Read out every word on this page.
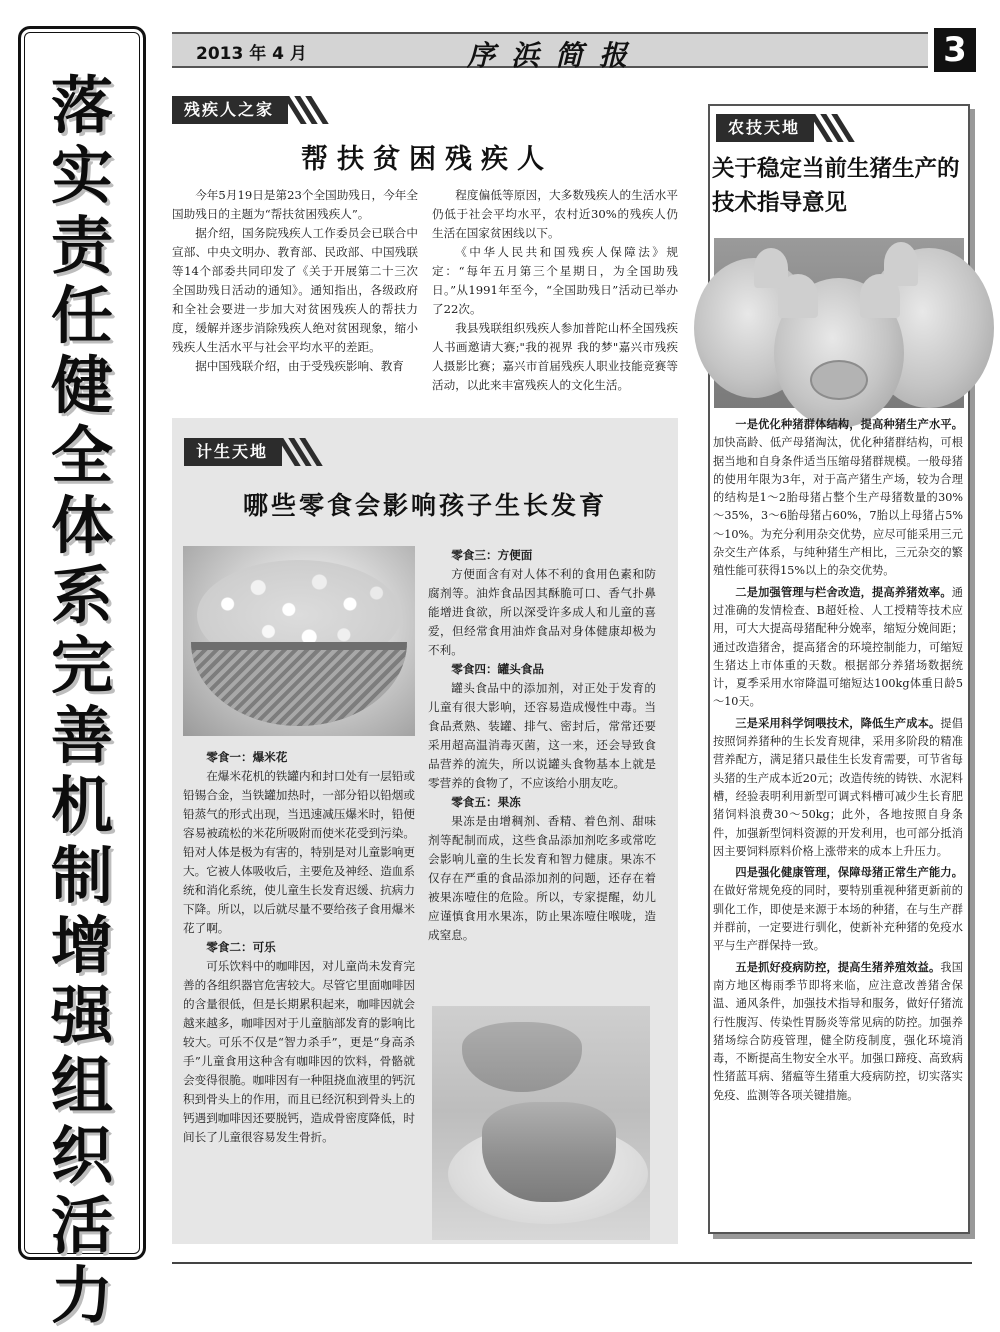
落
实
责
任
健
全
体
系
完
善
机
制
增
强
组
织
活
力
2013 年 4 月	序浜简报	3
残疾人之家
帮扶贫困残疾人

今年5月19日是第23个全国助残日，今年全国助残日的主题为“帮扶贫困残疾人”。

据介绍，国务院残疾人工作委员会已联合中宣部、中央文明办、教育部、民政部、中国残联等14个部委共同印发了《关于开展第二十三次全国助残日活动的通知》。通知指出，各级政府和全社会要进一步加大对贫困残疾人的帮扶力度，缓解并逐步消除残疾人绝对贫困现象，缩小残疾人生活水平与社会平均水平的差距。

据中国残联介绍，由于受残疾影响、教育

程度偏低等原因，大多数残疾人的生活水平仍低于社会平均水平，农村近30%的残疾人仍生活在国家贫困线以下。

《中华人民共和国残疾人保障法》规定：“每年五月第三个星期日，为全国助残日。”从1991年至今，“全国助残日”活动已举办了22次。

我县残联组织残疾人参加普陀山杯全国残疾人书画邀请大赛;"我的视界 我的梦"嘉兴市残疾人摄影比赛；嘉兴市首届残疾人职业技能竞赛等活动，以此来丰富残疾人的文化生活。

计生天地
哪些零食会影响孩子生长发育

零食一：爆米花

在爆米花机的铁罐内和封口处有一层铅或铅锡合金，当铁罐加热时，一部分铅以铅烟或铅蒸气的形式出现，当迅速减压爆米时，铅便容易被疏松的米花所吸附而使米花受到污染。铅对人体是极为有害的，特别是对儿童影响更大。它被人体吸收后，主要危及神经、造血系统和消化系统，使儿童生长发育迟缓、抗病力下降。所以，以后就尽量不要给孩子食用爆米花了啊。

零食二：可乐

可乐饮料中的咖啡因，对儿童尚未发育完善的各组织器官危害较大。尽管它里面咖啡因的含量很低，但是长期累积起来，咖啡因就会越来越多，咖啡因对于儿童脑部发育的影响比较大。可乐不仅是“智力杀手”，更是“身高杀手”儿童食用这种含有咖啡因的饮料，骨骼就会变得很脆。咖啡因有一种阻挠血液里的钙沉积到骨头上的作用，而且已经沉积到骨头上的钙遇到咖啡因还要脱钙，造成骨密度降低，时间长了儿童很容易发生骨折。

零食三：方便面

方便面含有对人体不利的食用色素和防腐剂等。油炸食品因其酥脆可口、香气扑鼻能增进食欲，所以深受许多成人和儿童的喜爱，但经常食用油炸食品对身体健康却极为不利。

零食四：罐头食品

罐头食品中的添加剂，对正处于发育的儿童有很大影响，还容易造成慢性中毒。当食品煮熟、装罐、排气、密封后，常常还要采用超高温消毒灭菌，这一来，还会导致食品营养的流失，所以说罐头食物基本上就是零营养的食物了，不应该给小朋友吃。

零食五：果冻

果冻是由增稠剂、香精、着色剂、甜味剂等配制而成，这些食品添加剂吃多或常吃会影响儿童的生长发育和智力健康。果冻不仅存在严重的食品添加剂的问题，还存在着被果冻噎住的危险。所以，专家提醒，幼儿应谨慎食用水果冻，防止果冻噎住喉咙，造成窒息。

农技天地
关于稳定当前生猪生产的技术指导意见

一是优化种猪群体结构，提高种猪生产水平。加快高龄、低产母猪淘汰，优化种猪群结构，可根据当地和自身条件适当压缩母猪群规模。一般母猪的使用年限为3年，对于高产猪生产场，较为合理的结构是1～2胎母猪占整个生产母猪数量的30%～35%，3～6胎母猪占60%，7胎以上母猪占5%～10%。为充分利用杂交优势，应尽可能采用三元杂交生产体系，与纯种猪生产相比，三元杂交的繁殖性能可获得15%以上的杂交优势。

二是加强管理与栏舍改造，提高养猪效率。通过准确的发情检查、B超妊检、人工授精等技术应用，可大大提高母猪配种分娩率，缩短分娩间距；通过改造猪舍，提高猪舍的环境控制能力，可缩短生猪达上市体重的天数。根据部分养猪场数据统计，夏季采用水帘降温可缩短达100kg体重日龄5～10天。

三是采用科学饲喂技术，降低生产成本。提倡按照饲养猪种的生长发育规律，采用多阶段的精准营养配方，满足猪只最佳生长发育需要，可节省每头猪的生产成本近20元；改造传统的铸铁、水泥料槽，经验表明利用新型可调式料槽可减少生长育肥猪饲料浪费30～50kg；此外，各地按照自身条件，加强新型饲料资源的开发利用，也可部分抵消因主要饲料原料价格上涨带来的成本上升压力。

四是强化健康管理，保障母猪正常生产能力。在做好常规免疫的同时，要特别重视种猪更新前的驯化工作，即使是来源于本场的种猪，在与生产群并群前，一定要进行驯化，使新补充种猪的免疫水平与生产群保持一致。

五是抓好疫病防控，提高生猪养殖效益。我国南方地区梅雨季节即将来临，应注意改善猪舍保温、通风条件，加强技术指导和服务，做好仔猪流行性腹泻、传染性胃肠炎等常见病的防控。加强养猪场综合防疫管理，健全防疫制度，强化环境消毒，不断提高生物安全水平。加强口蹄疫、高致病性猪蓝耳病、猪瘟等生猪重大疫病防控，切实落实免疫、监测等各项关键措施。
